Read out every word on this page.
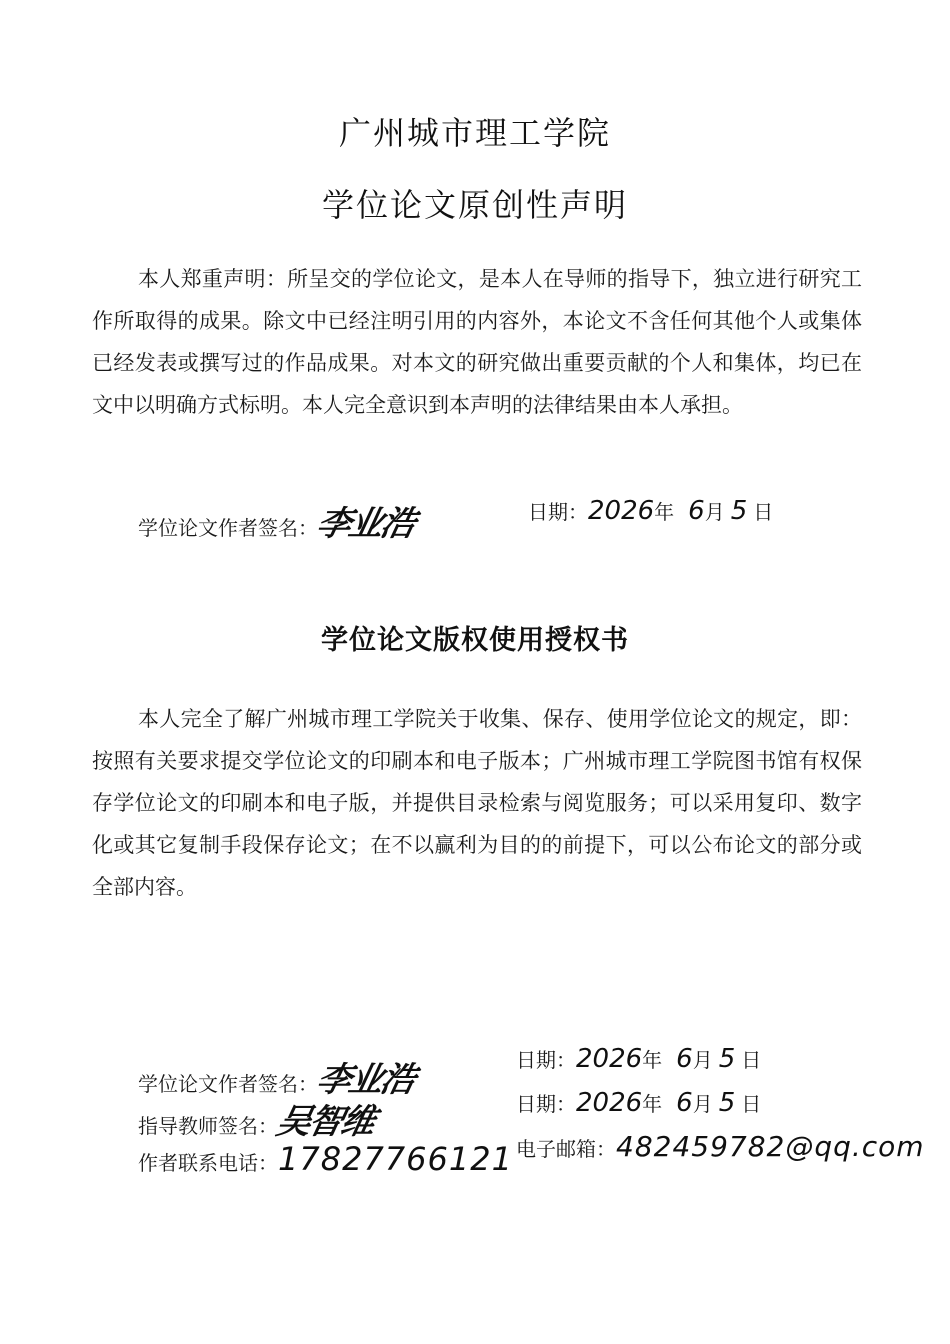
广州城市理工学院
学位论文原创性声明

本人郑重声明：所呈交的学位论文，是本人在导师的指导下，独立进行研究工作所取得的成果。除文中已经注明引用的内容外，本论文不含任何其他个人或集体已经发表或撰写过的作品成果。对本文的研究做出重要贡献的个人和集体，均已在文中以明确方式标明。本人完全意识到本声明的法律结果由本人承担。

学位论文作者签名：李业浩	日期：2026年 6月 5 日
学位论文版权使用授权书

本人完全了解广州城市理工学院关于收集、保存、使用学位论文的规定，即：按照有关要求提交学位论文的印刷本和电子版本；广州城市理工学院图书馆有权保存学位论文的印刷本和电子版，并提供目录检索与阅览服务；可以采用复印、数字化或其它复制手段保存论文；在不以赢利为目的的前提下，可以公布论文的部分或全部内容。

学位论文作者签名：李业浩	日期：2026年 6月 5 日
指导教师签名：吴智维	日期：2026年 6月 5 日
作者联系电话：17827766121 电子邮箱：482459782@qq.com
